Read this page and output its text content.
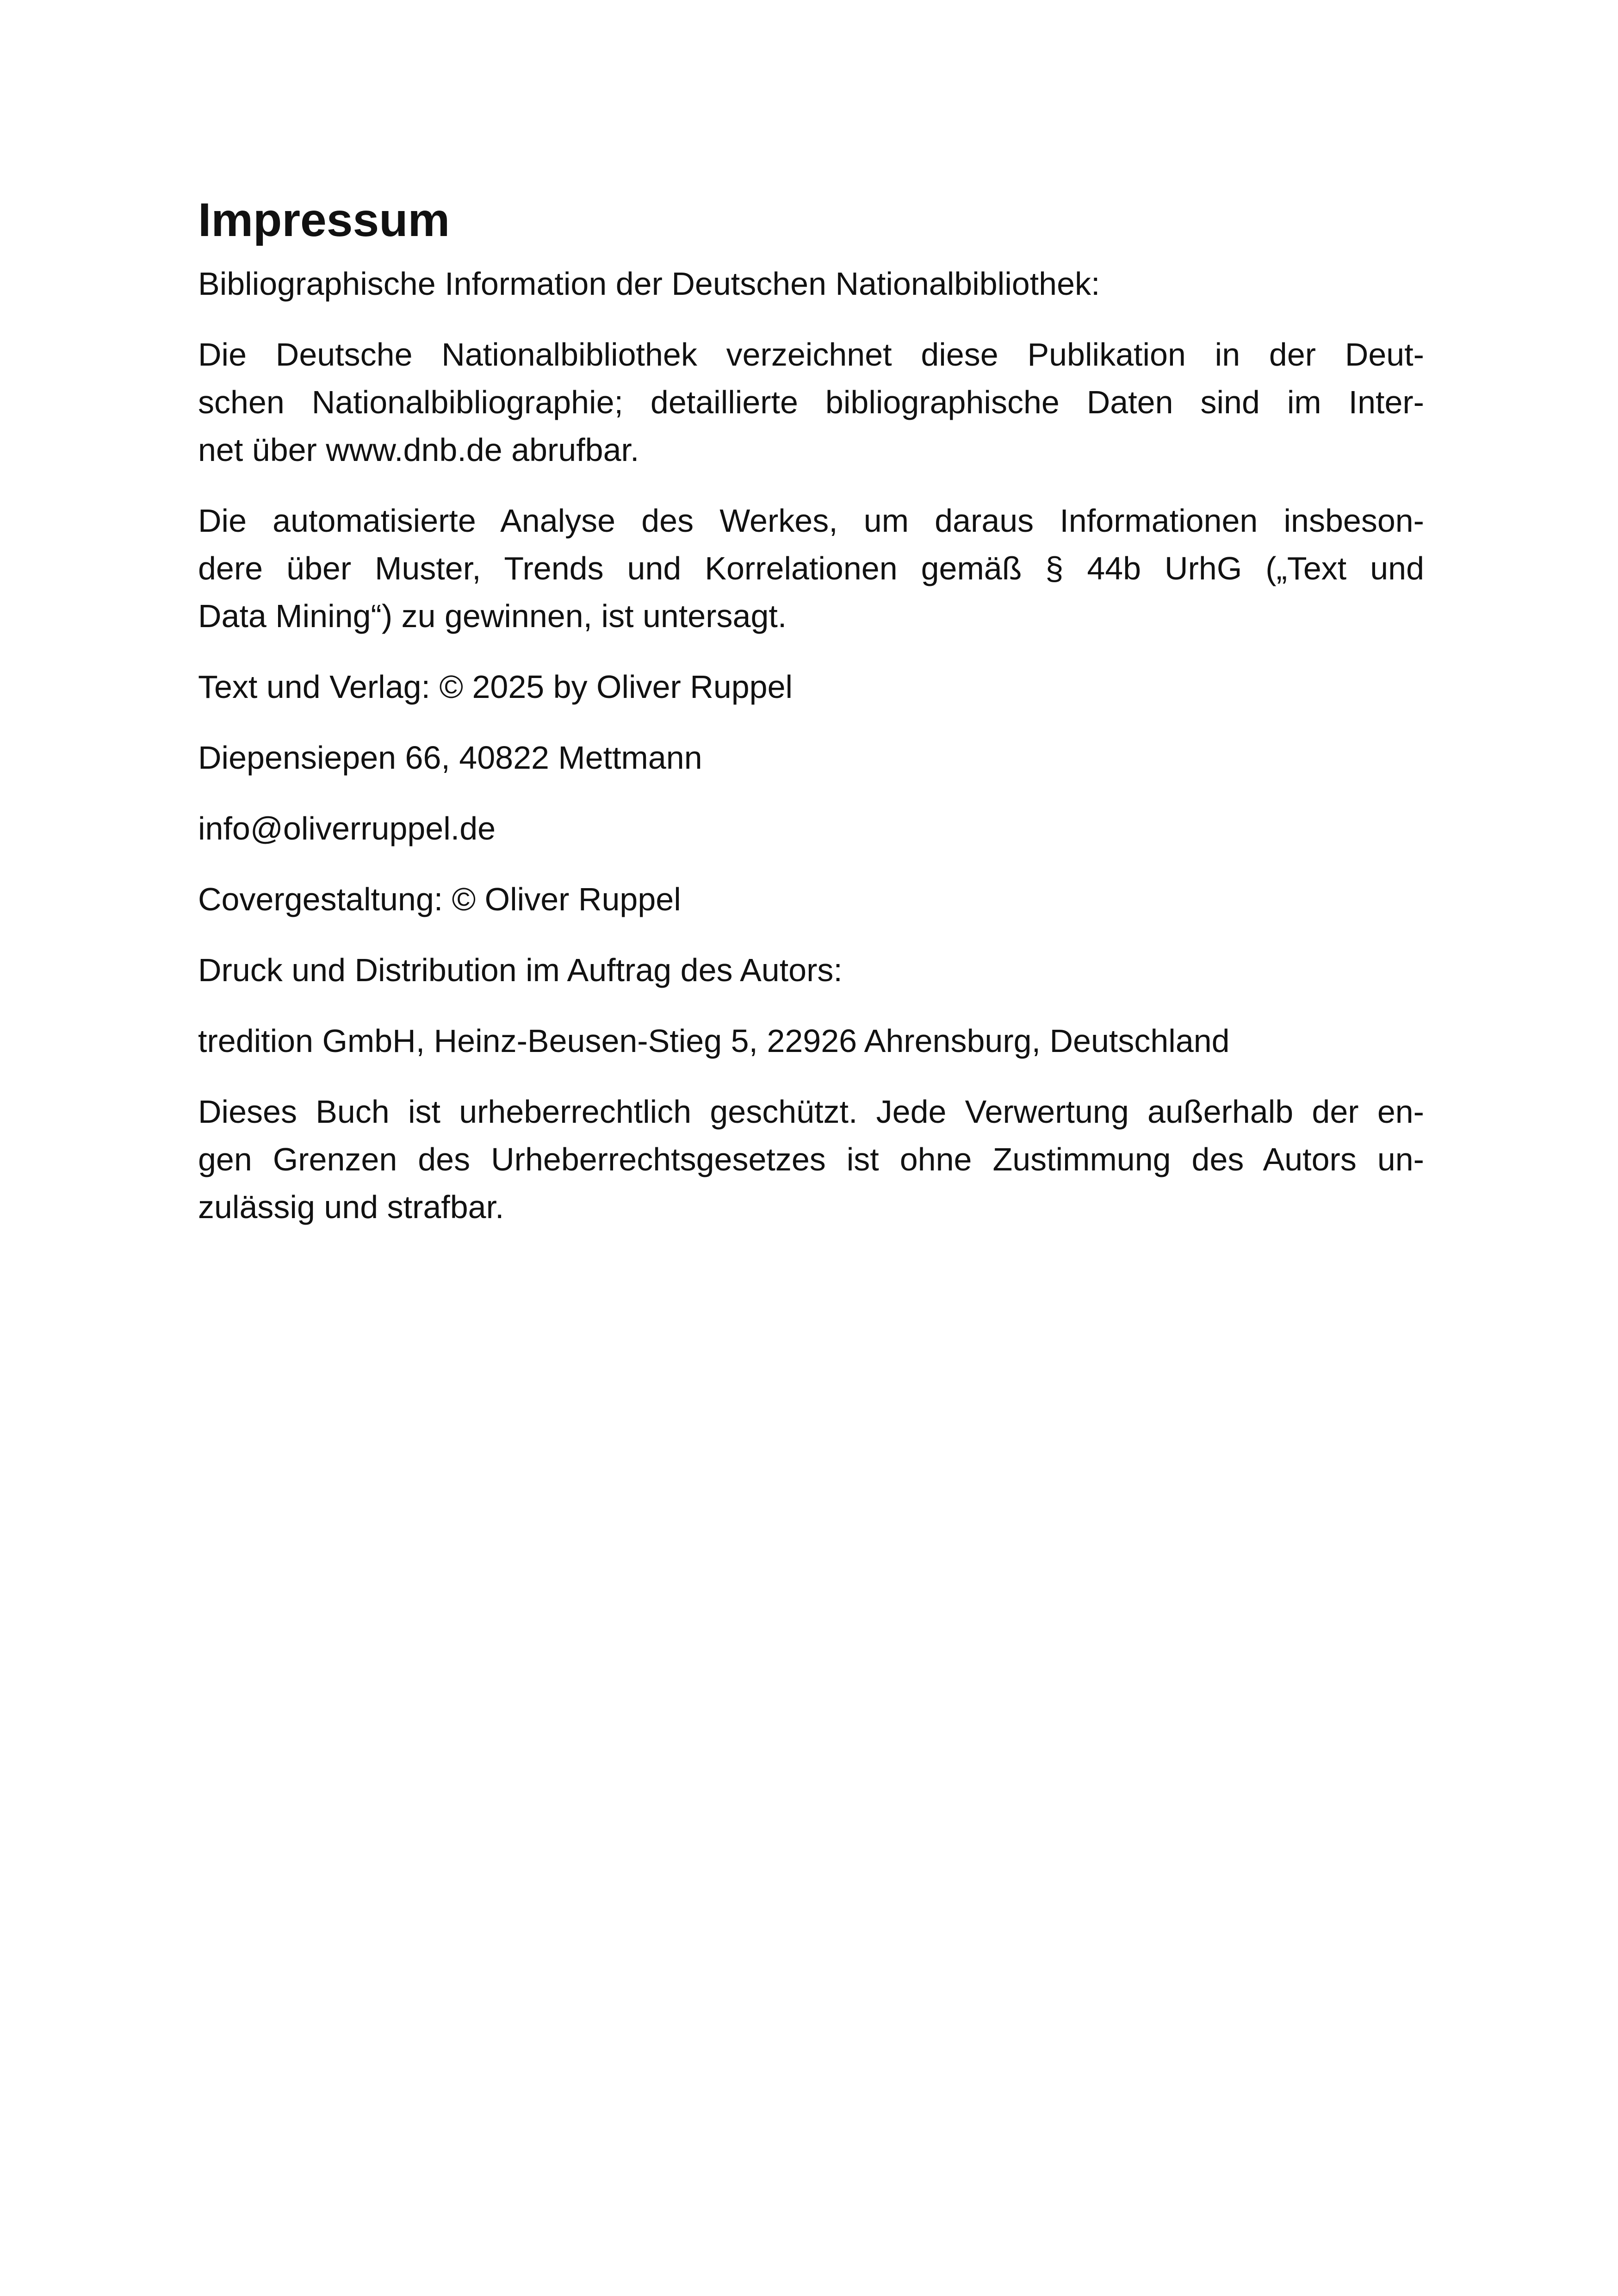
Impressum
Bibliographische Information der Deutschen Nationalbibliothek:
Die Deutsche Nationalbibliothek verzeichnet diese Publikation in der Deut-
schen Nationalbibliographie; detaillierte bibliographische Daten sind im Inter-
net über www.dnb.de abrufbar.
Die automatisierte Analyse des Werkes, um daraus Informationen insbeson-
dere über Muster, Trends und Korrelationen gemäß § 44b UrhG („Text und
Data Mining“) zu gewinnen, ist untersagt.
Text und Verlag: © 2025 by Oliver Ruppel
Diepensiepen 66, 40822 Mettmann
info@oliverruppel.de
Covergestaltung: © Oliver Ruppel
Druck und Distribution im Auftrag des Autors:
tredition GmbH, Heinz-Beusen-Stieg 5, 22926 Ahrensburg, Deutschland
Dieses Buch ist urheberrechtlich geschützt. Jede Verwertung außerhalb der en-
gen Grenzen des Urheberrechtsgesetzes ist ohne Zustimmung des Autors un-
zulässig und strafbar.
